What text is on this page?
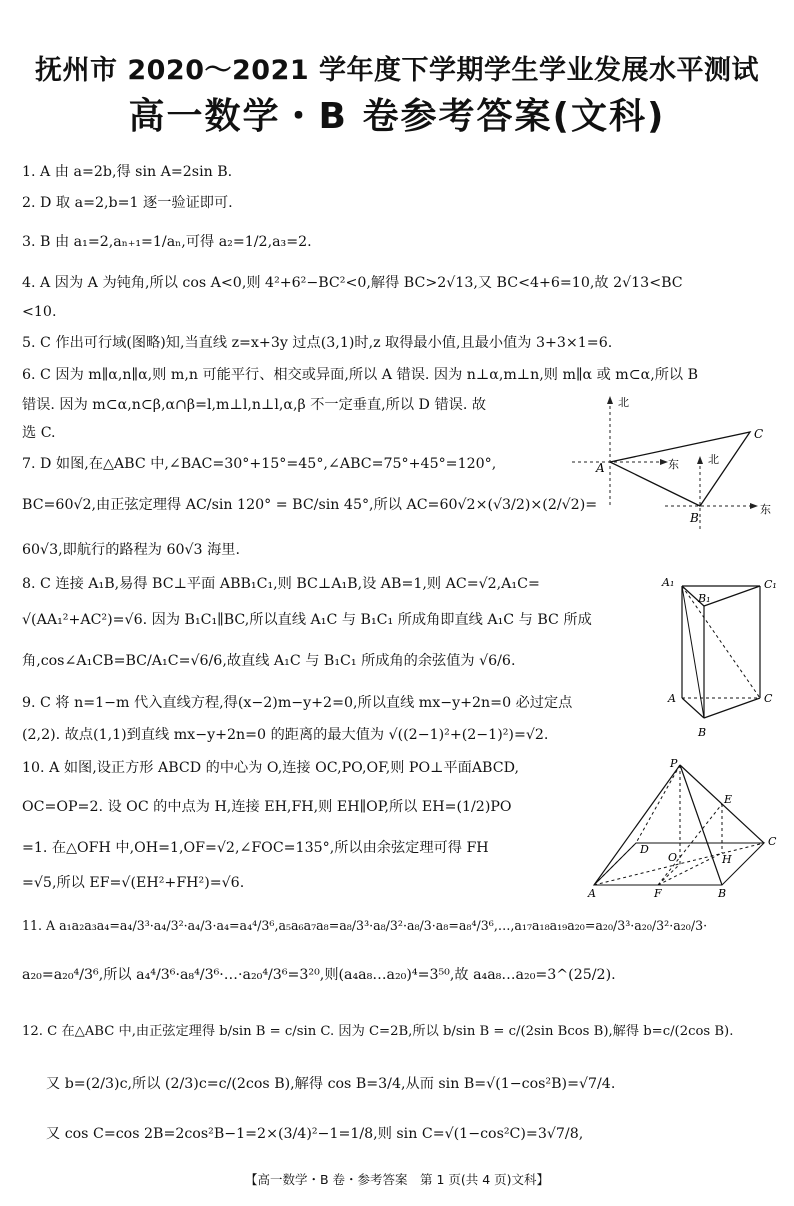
抚州市 2020～2021 学年度下学期学生学业发展水平测试
高一数学・B 卷参考答案(文科)
1. A 由 a=2b,得 sin A=2sin B.
2. D 取 a=2,b=1 逐一验证即可.
3. B 由 a₁=2,aₙ₊₁=1/aₙ,可得 a₂=1/2,a₃=2.
4. A 因为 A 为钝角,所以 cos A<0,则 4²+6²−BC²<0,解得 BC>2√13,又 BC<4+6=10,故 2√13<BC
<10.
5. C 作出可行域(图略)知,当直线 z=x+3y 过点(3,1)时,z 取得最小值,且最小值为 3+3×1=6.
6. C 因为 m∥α,n∥α,则 m,n 可能平行、相交或异面,所以 A 错误. 因为 n⊥α,m⊥n,则 m∥α 或 m⊂α,所以 B
错误. 因为 m⊂α,n⊂β,α∩β=l,m⊥l,n⊥l,α,β 不一定垂直,所以 D 错误. 故
选 C.
7. D 如图,在△ABC 中,∠BAC=30°+15°=45°,∠ABC=75°+45°=120°,
BC=60√2,由正弦定理得 AC/sin 120° = BC/sin 45°,所以 AC=60√2×(√3/2)×(2/√2)=
60√3,即航行的路程为 60√3 海里.
8. C 连接 A₁B,易得 BC⊥平面 ABB₁C₁,则 BC⊥A₁B,设 AB=1,则 AC=√2,A₁C=
√(AA₁²+AC²)=√6. 因为 B₁C₁∥BC,所以直线 A₁C 与 B₁C₁ 所成角即直线 A₁C 与 BC 所成
角,cos∠A₁CB=BC/A₁C=√6/6,故直线 A₁C 与 B₁C₁ 所成角的余弦值为 √6/6.
9. C 将 n=1−m 代入直线方程,得(x−2)m−y+2=0,所以直线 mx−y+2n=0 必过定点
(2,2). 故点(1,1)到直线 mx−y+2n=0 的距离的最大值为 √((2−1)²+(2−1)²)=√2.
10. A 如图,设正方形 ABCD 的中心为 O,连接 OC,PO,OF,则 PO⊥平面ABCD,
OC=OP=2. 设 OC 的中点为 H,连接 EH,FH,则 EH∥OP,所以 EH=(1/2)PO
=1. 在△OFH 中,OH=1,OF=√2,∠FOC=135°,所以由余弦定理可得 FH
=√5,所以 EF=√(EH²+FH²)=√6.
11. A a₁a₂a₃a₄=a₄/3³·a₄/3²·a₄/3·a₄=a₄⁴/3⁶,a₅a₆a₇a₈=a₈/3³·a₈/3²·a₈/3·a₈=a₈⁴/3⁶,…,a₁₇a₁₈a₁₉a₂₀=a₂₀/3³·a₂₀/3²·a₂₀/3·
a₂₀=a₂₀⁴/3⁶,所以 a₄⁴/3⁶·a₈⁴/3⁶·…·a₂₀⁴/3⁶=3²⁰,则(a₄a₈…a₂₀)⁴=3⁵⁰,故 a₄a₈…a₂₀=3^(25/2).
12. C 在△ABC 中,由正弦定理得 b/sin B = c/sin C. 因为 C=2B,所以 b/sin B = c/(2sin Bcos B),解得 b=c/(2cos B).
又 b=(2/3)c,所以 (2/3)c=c/(2cos B),解得 cos B=3/4,从而 sin B=√(1−cos²B)=√7/4.
又 cos C=cos 2B=2cos²B−1=2×(3/4)²−1=1/8,则 sin C=√(1−cos²C)=3√7/8,
北
C
A	东	北
B
东
A₁	C₁
B₁
A	C
B
P
E
C
D
O	H
A	F	B
【高一数学・B 卷・参考答案　第 1 页(共 4 页)文科】
